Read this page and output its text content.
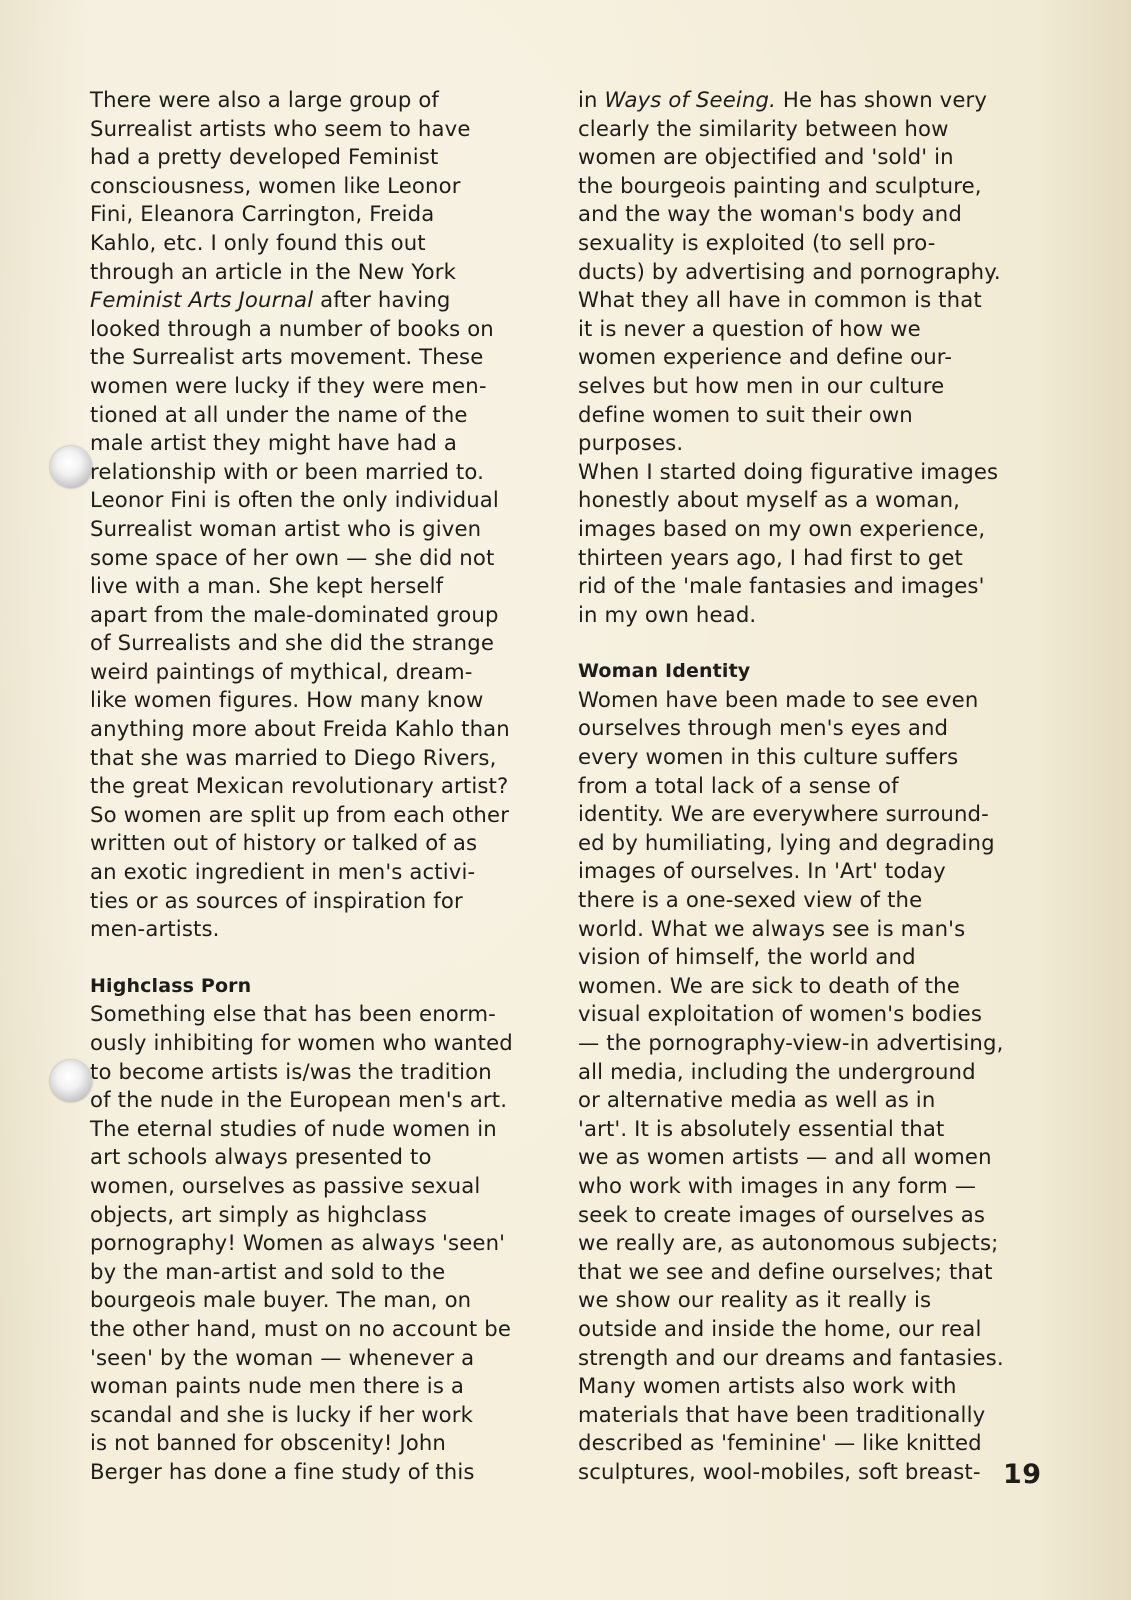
There were also a large group of
Surrealist artists who seem to have
had a pretty developed Feminist
consciousness, women like Leonor
Fini, Eleanora Carrington, Freida
Kahlo, etc. I only found this out
through an article in the New York
Feminist Arts Journal after having
looked through a number of books on
the Surrealist arts movement. These
women were lucky if they were men-
tioned at all under the name of the
male artist they might have had a
relationship with or been married to.
Leonor Fini is often the only individual
Surrealist woman artist who is given
some space of her own — she did not
live with a man. She kept herself
apart from the male-dominated group
of Surrealists and she did the strange
weird paintings of mythical, dream-
like women figures. How many know
anything more about Freida Kahlo than
that she was married to Diego Rivers,
the great Mexican revolutionary artist?
So women are split up from each other
written out of history or talked of as
an exotic ingredient in men's activi-
ties or as sources of inspiration for
men-artists.
Highclass Porn
Something else that has been enorm-
ously inhibiting for women who wanted
to become artists is/was the tradition
of the nude in the European men's art.
The eternal studies of nude women in
art schools always presented to
women, ourselves as passive sexual
objects, art simply as highclass
pornography! Women as always 'seen'
by the man-artist and sold to the
bourgeois male buyer. The man, on
the other hand, must on no account be
'seen' by the woman — whenever a
woman paints nude men there is a
scandal and she is lucky if her work
is not banned for obscenity! John
Berger has done a fine study of this
in Ways of Seeing. He has shown very
clearly the similarity between how
women are objectified and 'sold' in
the bourgeois painting and sculpture,
and the way the woman's body and
sexuality is exploited (to sell pro-
ducts) by advertising and pornography.
What they all have in common is that
it is never a question of how we
women experience and define our-
selves but how men in our culture
define women to suit their own
purposes.
When I started doing figurative images
honestly about myself as a woman,
images based on my own experience,
thirteen years ago, I had first to get
rid of the 'male fantasies and images'
in my own head.
Woman Identity
Women have been made to see even
ourselves through men's eyes and
every women in this culture suffers
from a total lack of a sense of
identity. We are everywhere surround-
ed by humiliating, lying and degrading
images of ourselves. In 'Art' today
there is a one-sexed view of the
world. What we always see is man's
vision of himself, the world and
women. We are sick to death of the
visual exploitation of women's bodies
— the pornography-view-in advertising,
all media, including the underground
or alternative media as well as in
'art'. It is absolutely essential that
we as women artists — and all women
who work with images in any form —
seek to create images of ourselves as
we really are, as autonomous subjects;
that we see and define ourselves; that
we show our reality as it really is
outside and inside the home, our real
strength and our dreams and fantasies.
Many women artists also work with
materials that have been traditionally
described as 'feminine' — like knitted
sculptures, wool-mobiles, soft breast- 19
